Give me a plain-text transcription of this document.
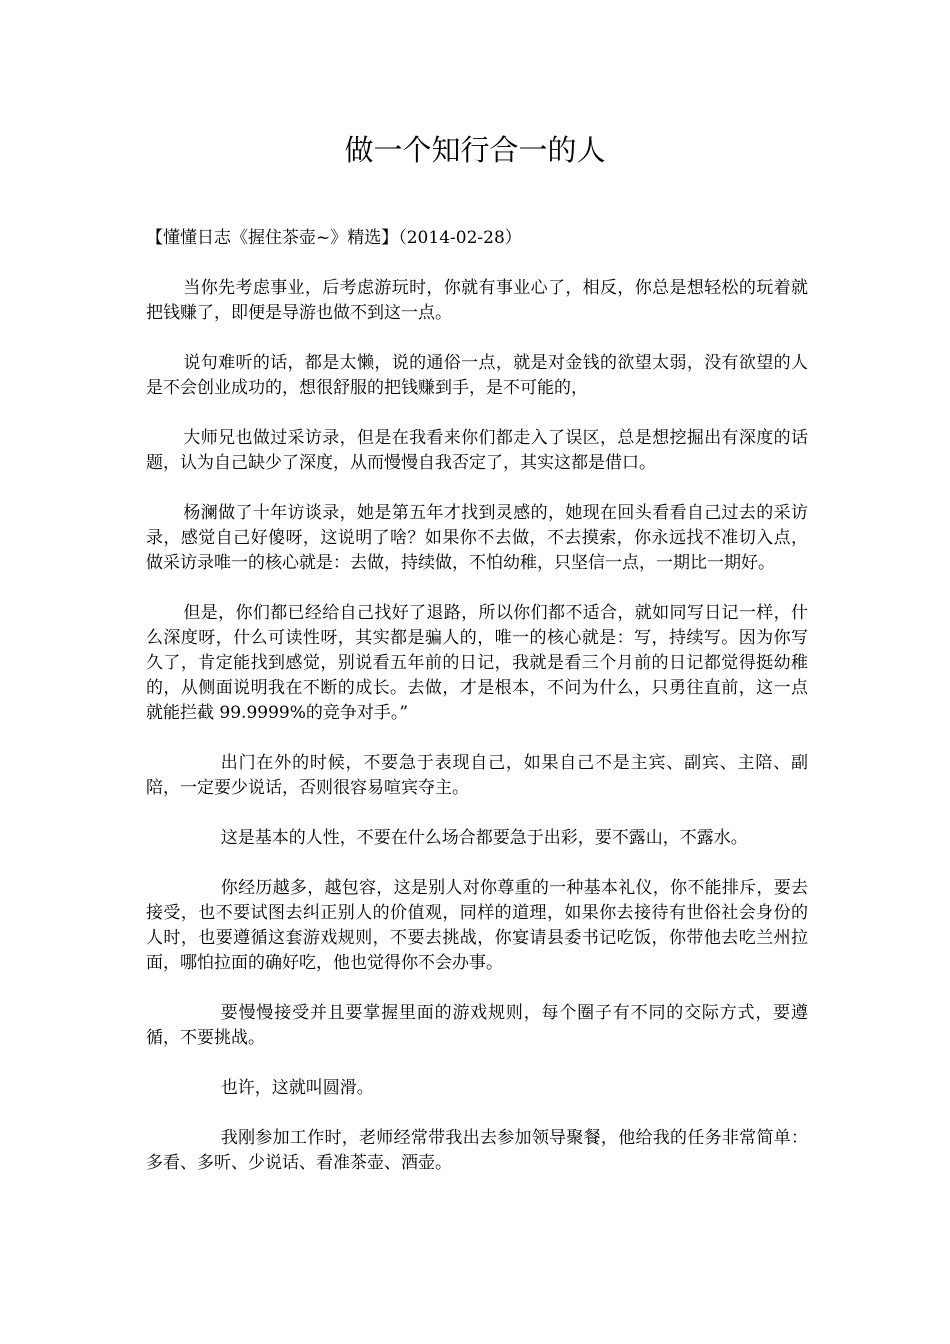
做一个知行合一的人

【懂懂日志《握住茶壶~》精选】（2014-02-28）

当你先考虑事业，后考虑游玩时，你就有事业心了，相反，你总是想轻松的玩着就把钱赚了，即便是导游也做不到这一点。

说句难听的话，都是太懒，说的通俗一点，就是对金钱的欲望太弱，没有欲望的人是不会创业成功的，想很舒服的把钱赚到手，是不可能的，

大师兄也做过采访录，但是在我看来你们都走入了误区，总是想挖掘出有深度的话题，认为自己缺少了深度，从而慢慢自我否定了，其实这都是借口。

杨澜做了十年访谈录，她是第五年才找到灵感的，她现在回头看看自己过去的采访录，感觉自己好傻呀，这说明了啥？如果你不去做，不去摸索，你永远找不准切入点，做采访录唯一的核心就是：去做，持续做，不怕幼稚，只坚信一点，一期比一期好。

但是，你们都已经给自己找好了退路，所以你们都不适合，就如同写日记一样，什么深度呀，什么可读性呀，其实都是骗人的，唯一的核心就是：写，持续写。因为你写久了，肯定能找到感觉，别说看五年前的日记，我就是看三个月前的日记都觉得挺幼稚的，从侧面说明我在不断的成长。去做，才是根本，不问为什么，只勇往直前，这一点就能拦截 99.9999%的竞争对手。”

出门在外的时候，不要急于表现自己，如果自己不是主宾、副宾、主陪、副陪，一定要少说话，否则很容易喧宾夺主。

这是基本的人性，不要在什么场合都要急于出彩，要不露山，不露水。

你经历越多，越包容，这是别人对你尊重的一种基本礼仪，你不能排斥，要去接受，也不要试图去纠正别人的价值观，同样的道理，如果你去接待有世俗社会身份的人时，也要遵循这套游戏规则，不要去挑战，你宴请县委书记吃饭，你带他去吃兰州拉面，哪怕拉面的确好吃，他也觉得你不会办事。

要慢慢接受并且要掌握里面的游戏规则，每个圈子有不同的交际方式，要遵循，不要挑战。

也许，这就叫圆滑。

我刚参加工作时，老师经常带我出去参加领导聚餐，他给我的任务非常简单：多看、多听、少说话、看准茶壶、酒壶。
